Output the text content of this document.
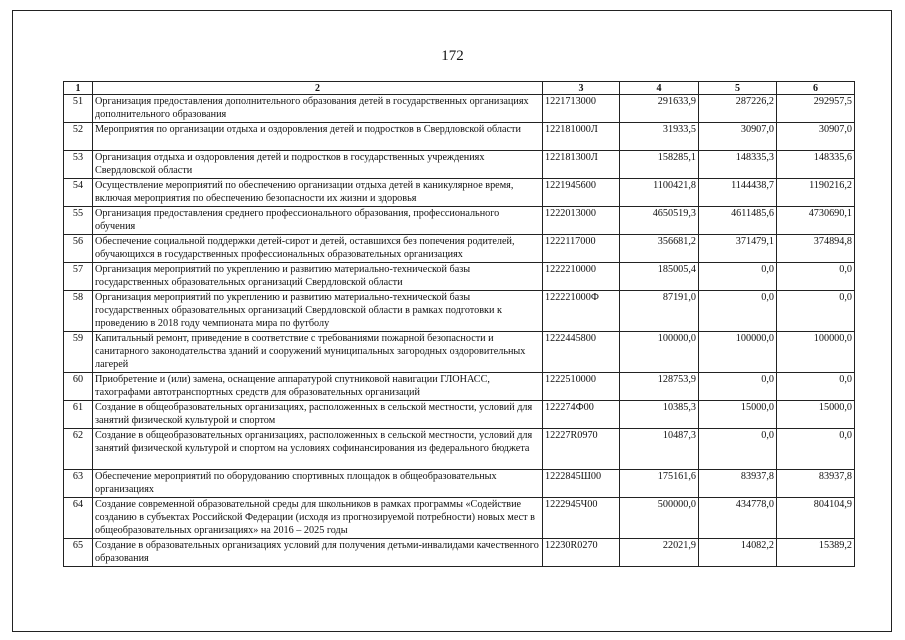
172
1	2	3	4	5	6
51	Организация предоставления дополнительного образования детей в государственных организациях дополнительного образования	1221713000	291633,9	287226,2	292957,5
52	Мероприятия по организации отдыха и оздоровления детей и подростков в Свердловской области	122181000Л	31933,5	30907,0	30907,0
53	Организация отдыха и оздоровления детей и подростков в государственных учреждениях Свердловской области	122181300Л	158285,1	148335,3	148335,6
54	Осуществление мероприятий по обеспечению организации отдыха детей в каникулярное время, включая мероприятия по обеспечению безопасности их жизни и здоровья	1221945600	1100421,8	1144438,7	1190216,2
55	Организация предоставления среднего профессионального образования, профессионального обучения	1222013000	4650519,3	4611485,6	4730690,1
56	Обеспечение социальной поддержки детей-сирот и детей, оставшихся без попечения родителей, обучающихся в государственных профессиональных образовательных организациях	1222117000	356681,2	371479,1	374894,8
57	Организация мероприятий по укреплению и развитию материально-технической базы государственных образовательных организаций Свердловской области	1222210000	185005,4	0,0	0,0
58	Организация мероприятий по укреплению и развитию материально-технической базы государственных образовательных организаций Свердловской области в рамках подготовки к проведению в 2018 году чемпионата мира по футболу	122221000Ф	87191,0	0,0	0,0
59	Капитальный ремонт, приведение в соответствие с требованиями пожарной безопасности и санитарного законодательства зданий и сооружений муниципальных загородных оздоровительных лагерей	1222445800	100000,0	100000,0	100000,0
60	Приобретение и (или) замена, оснащение аппаратурой спутниковой навигации ГЛОНАСС, тахографами автотранспортных средств для образовательных организаций	1222510000	128753,9	0,0	0,0
61	Создание в общеобразовательных организациях, расположенных в сельской местности, условий для занятий физической культурой и спортом	122274Ф00	10385,3	15000,0	15000,0
62	Создание в общеобразовательных организациях, расположенных в сельской местности, условий для занятий физической культурой и спортом на условиях софинансирования из федерального бюджета	12227R0970	10487,3	0,0	0,0
63	Обеспечение мероприятий по оборудованию спортивных площадок в общеобразовательных организациях	1222845Ш00	175161,6	83937,8	83937,8
64	Создание современной образовательной среды для школьников в рамках программы «Содействие созданию в субъектах Российской Федерации (исходя из прогнозируемой потребности) новых мест в общеобразовательных организациях» на 2016 – 2025 годы	1222945Ч00	500000,0	434778,0	804104,9
65	Создание в образовательных организациях условий для получения детьми-инвалидами качественного образования	12230R0270	22021,9	14082,2	15389,2
